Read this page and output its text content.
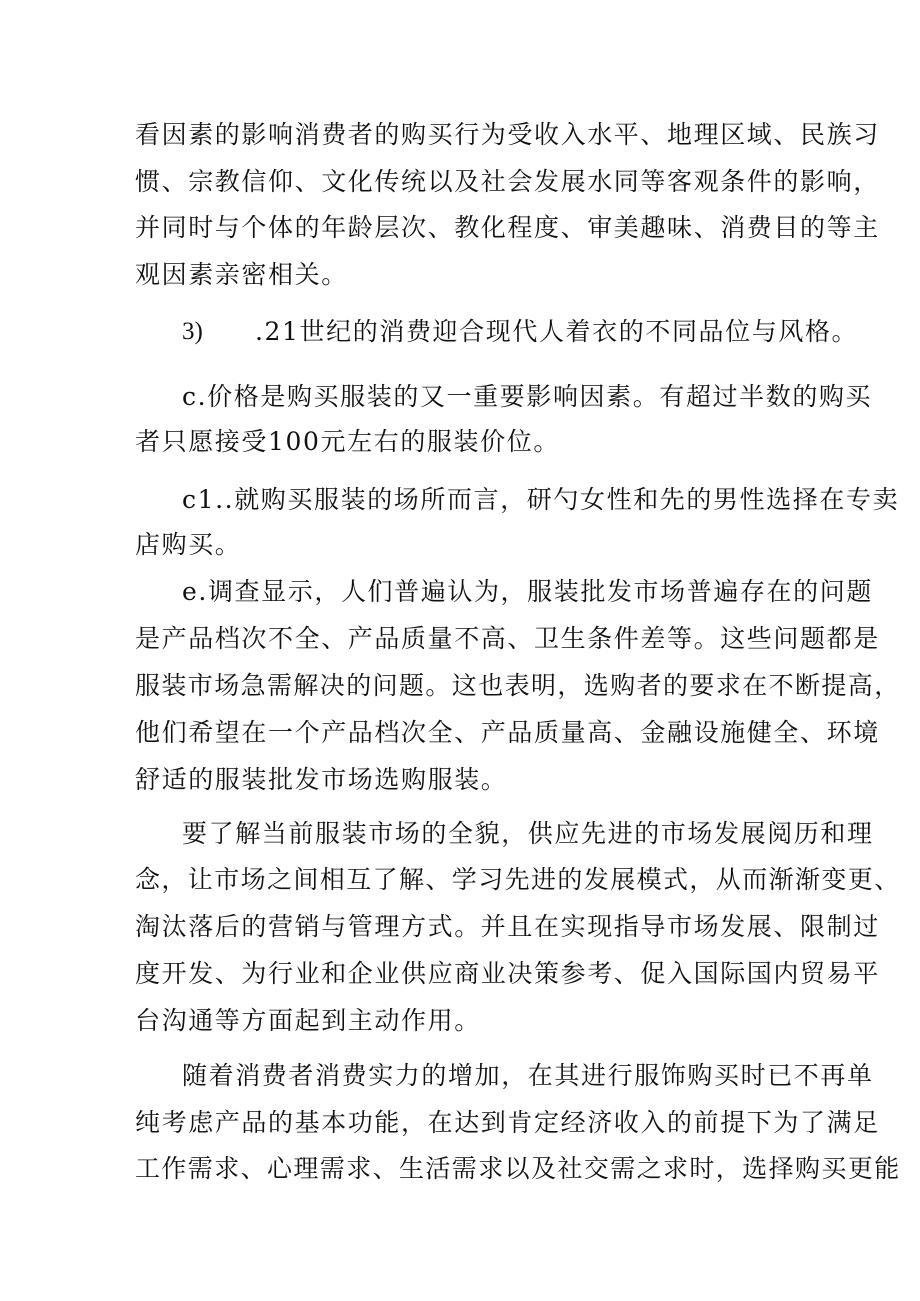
看因素的影响消费者的购买行为受收入水平、地理区域、民族习
惯、宗教信仰、文化传统以及社会发展水同等客观条件的影响，
并同时与个体的年龄层次、教化程度、审美趣味、消费目的等主
观因素亲密相关。
3) .21世纪的消费迎合现代人着衣的不同品位与风格。
c.价格是购买服装的又一重要影响因素。有超过半数的购买
者只愿接受100元左右的服装价位。
c1..就购买服装的场所而言，研勺女性和先的男性选择在专卖
店购买。
e.调查显示，人们普遍认为，服装批发市场普遍存在的问题
是产品档次不全、产品质量不高、卫生条件差等。这些问题都是
服装市场急需解决的问题。这也表明，选购者的要求在不断提高，
他们希望在一个产品档次全、产品质量高、金融设施健全、环境
舒适的服装批发市场选购服装。
要了解当前服装市场的全貌，供应先进的市场发展阅历和理
念，让市场之间相互了解、学习先进的发展模式，从而渐渐变更、
淘汰落后的营销与管理方式。并且在实现指导市场发展、限制过
度开发、为行业和企业供应商业决策参考、促入国际国内贸易平
台沟通等方面起到主动作用。
随着消费者消费实力的增加，在其进行服饰购买时已不再单
纯考虑产品的基本功能，在达到肯定经济收入的前提下为了满足
工作需求、心理需求、生活需求以及社交需之求时，选择购买更能
